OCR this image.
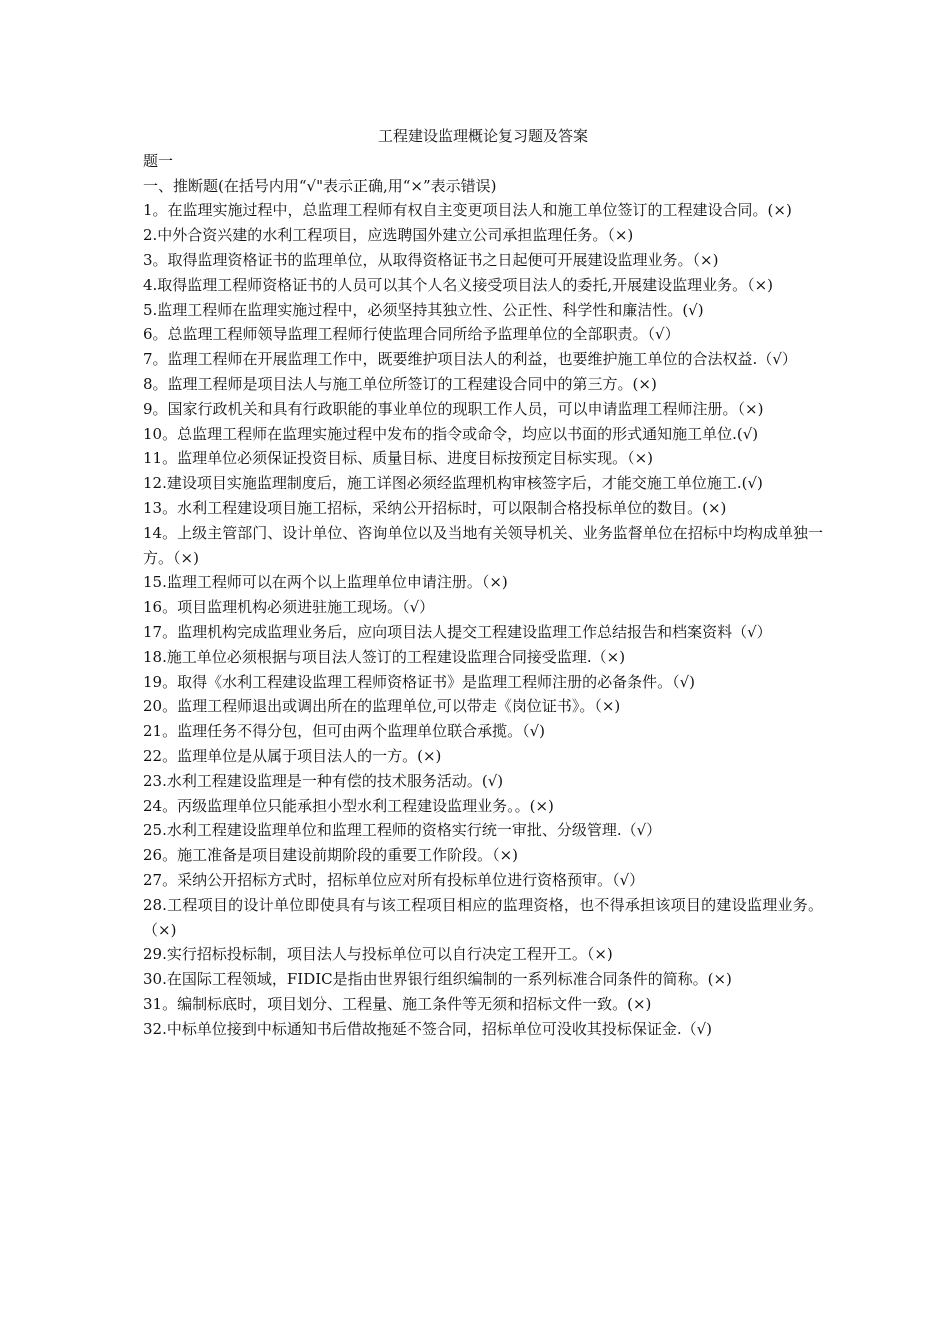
工程建设监理概论复习题及答案

题一

一、推断题(在括号内用“√"表示正确,用“×”表示错误)

1。在监理实施过程中，总监理工程师有权自主变更项目法人和施工单位签订的工程建设合同。(×)

2.中外合资兴建的水利工程项目，应选聘国外建立公司承担监理任务。（×)

3。取得监理资格证书的监理单位，从取得资格证书之日起便可开展建设监理业务。（×)

4.取得监理工程师资格证书的人员可以其个人名义接受项目法人的委托,开展建设监理业务。（×)

5.监理工程师在监理实施过程中，必须坚持其独立性、公正性、科学性和廉洁性。(√)

6。总监理工程师领导监理工程师行使监理合同所给予监理单位的全部职责。（√）

7。监理工程师在开展监理工作中，既要维护项目法人的利益，也要维护施工单位的合法权益.（√）

8。监理工程师是项目法人与施工单位所签订的工程建设合同中的第三方。(×)

9。国家行政机关和具有行政职能的事业单位的现职工作人员，可以申请监理工程师注册。（×)

10。总监理工程师在监理实施过程中发布的指令或命令，均应以书面的形式通知施工单位.(√)

11。监理单位必须保证投资目标、质量目标、进度目标按预定目标实现。（×)

12.建设项目实施监理制度后，施工详图必须经监理机构审核签字后，才能交施工单位施工.(√)

13。水利工程建设项目施工招标，采纳公开招标时，可以限制合格投标单位的数目。(×)

14。上级主管部门、设计单位、咨询单位以及当地有关领导机关、业务监督单位在招标中均构成单独一方。（×)

15.监理工程师可以在两个以上监理单位申请注册。（×)

16。项目监理机构必须进驻施工现场。（√）

17。监理机构完成监理业务后，应向项目法人提交工程建设监理工作总结报告和档案资料（√）

18.施工单位必须根据与项目法人签订的工程建设监理合同接受监理.（×)

19。取得《水利工程建设监理工程师资格证书》是监理工程师注册的必备条件。（√)

20。监理工程师退出或调出所在的监理单位,可以带走《岗位证书》。（×)

21。监理任务不得分包，但可由两个监理单位联合承揽。（√)

22。监理单位是从属于项目法人的一方。(×)

23.水利工程建设监理是一种有偿的技术服务活动。(√)

24。丙级监理单位只能承担小型水利工程建设监理业务。。(×)

25.水利工程建设监理单位和监理工程师的资格实行统一审批、分级管理.（√）

26。施工准备是项目建设前期阶段的重要工作阶段。（×)

27。采纳公开招标方式时，招标单位应对所有投标单位进行资格预审。（√）

28.工程项目的设计单位即使具有与该工程项目相应的监理资格，也不得承担该项目的建设监理业务。（×)

29.实行招标投标制，项目法人与投标单位可以自行决定工程开工。（×)

30.在国际工程领域，FIDIC是指由世界银行组织编制的一系列标准合同条件的简称。(×)

31。编制标底时，项目划分、工程量、施工条件等无须和招标文件一致。(×)

32.中标单位接到中标通知书后借故拖延不签合同，招标单位可没收其投标保证金.（√)
